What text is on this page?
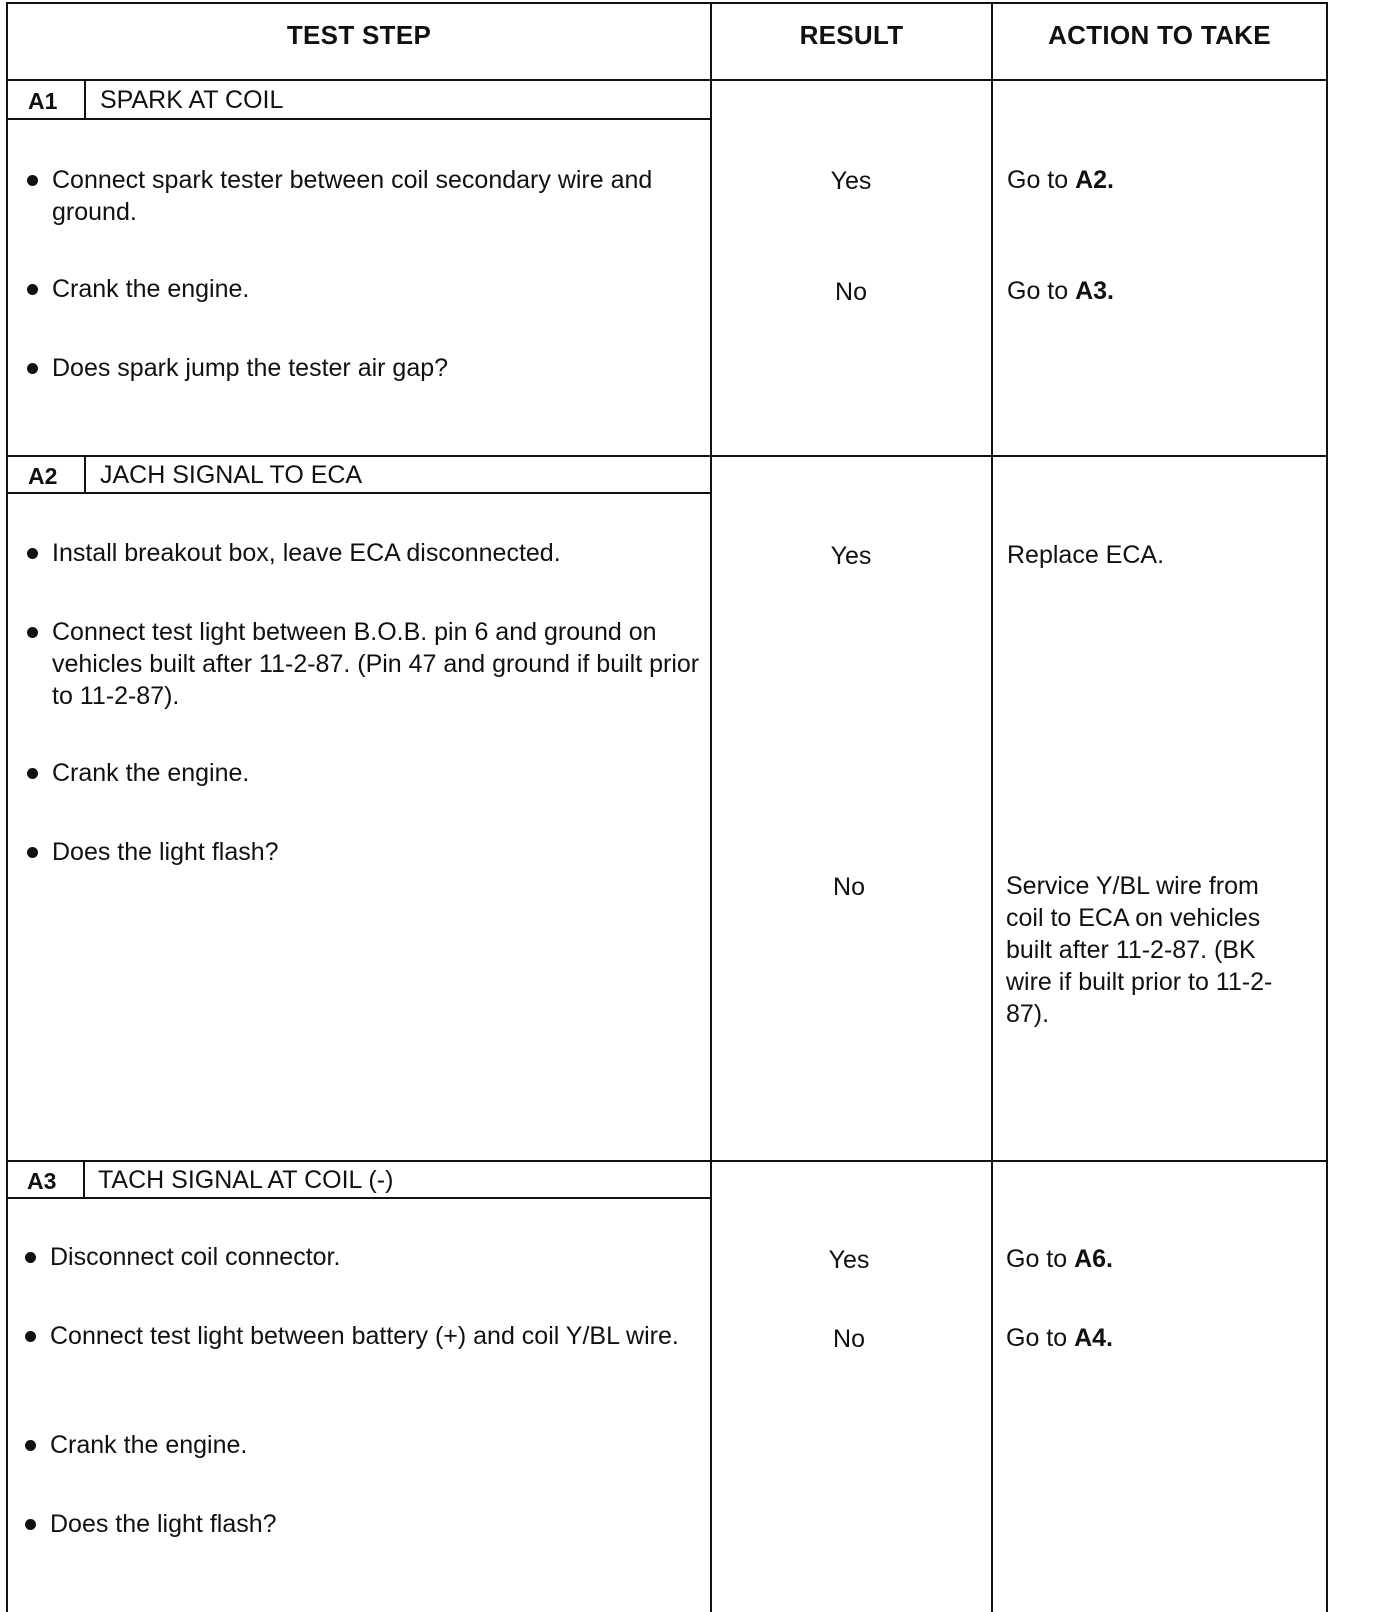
TEST STEP	RESULT	ACTION TO TAKE
A1 SPARK AT COIL
Connect spark tester between coil secondary wire and ground.
Crank the engine.
Does spark jump the tester air gap?
Yes	Go to A2.
No	Go to A3.
A2 JACH SIGNAL TO ECA
Install breakout box, leave ECA disconnected.
Connect test light between B.O.B. pin 6 and ground on vehicles built after 11-2-87. (Pin 47 and ground if built prior to 11-2-87).
Crank the engine.
Does the light flash?
Yes	Replace ECA.
No	Service Y/BL wire from coil to ECA on vehicles built after 11-2-87. (BK wire if built prior to 11-2-87).
A3 TACH SIGNAL AT COIL (-)
Disconnect coil connector.
Connect test light between battery (+) and coil Y/BL wire.
Crank the engine.
Does the light flash?
Yes	Go to A6.
No	Go to A4.
